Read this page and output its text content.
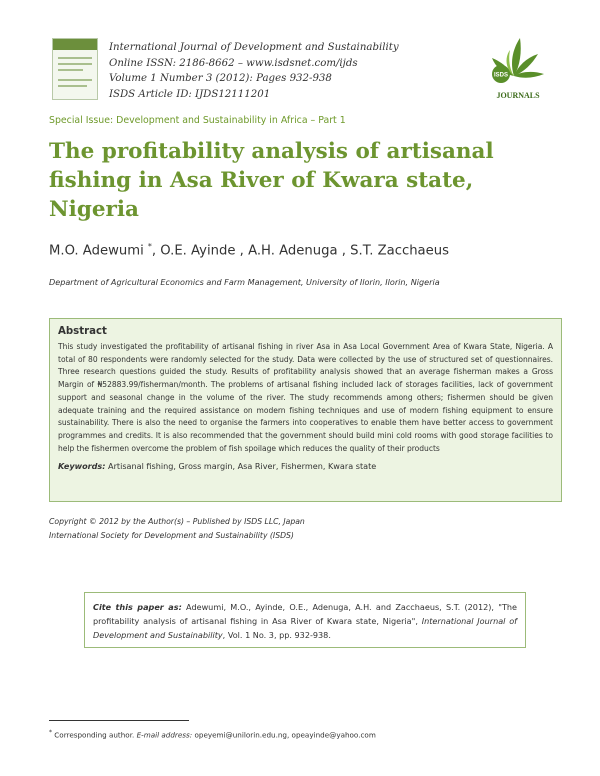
International Journal of Development and Sustainability
Online ISSN: 2186-8662 – www.isdsnet.com/ijds
Volume 1 Number 3 (2012): Pages 932-938
ISDS Article ID: IJDS12111201
ISDS
JOURNALS
Special Issue: Development and Sustainability in Africa – Part 1
The profitability analysis of artisanal
fishing in Asa River of Kwara state,
Nigeria
M.O. Adewumi *, O.E. Ayinde , A.H. Adenuga , S.T. Zacchaeus
Department of Agricultural Economics and Farm Management, University of Ilorin, Ilorin, Nigeria
Abstract
This study investigated the profitability of artisanal fishing in river Asa in Asa Local Government Area of Kwara State, Nigeria. A total of 80 respondents were randomly selected for the study. Data were collected by the use of structured set of questionnaires. Three research questions guided the study. Results of profitability analysis showed that an average fisherman makes a Gross Margin of ₦52883.99/fisherman/month. The problems of artisanal fishing included lack of storages facilities, lack of government support and seasonal change in the volume of the river. The study recommends among others; fishermen should be given adequate training and the required assistance on modern fishing techniques and use of modern fishing equipment to ensure sustainability. There is also the need to organise the farmers into cooperatives to enable them have better access to government programmes and credits. It is also recommended that the government should build mini cold rooms with good storage facilities to help the fishermen overcome the problem of fish spoilage which reduces the quality of their products
Keywords: Artisanal fishing, Gross margin, Asa River, Fishermen, Kwara state
Copyright © 2012 by the Author(s) – Published by ISDS LLC, Japan
International Society for Development and Sustainability (ISDS)
Cite this paper as: Adewumi, M.O., Ayinde, O.E., Adenuga, A.H. and Zacchaeus, S.T. (2012), "The profitability analysis of artisanal fishing in Asa River of Kwara state, Nigeria", International Journal of Development and Sustainability, Vol. 1 No. 3, pp. 932-938.
* Corresponding author. E-mail address: opeyemi@unilorin.edu.ng, opeayinde@yahoo.com
